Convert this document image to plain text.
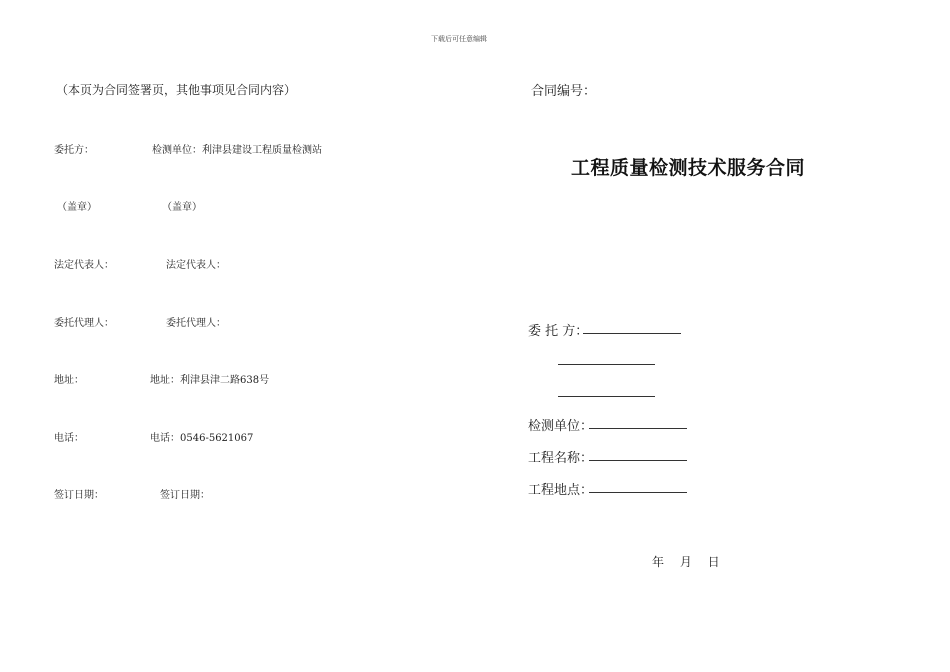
下载后可任意编辑
（本页为合同签署页，其他事项见合同内容）
委托方：	检测单位：利津县建设工程质量检测站
（盖章）	（盖章）
法定代表人：	法定代表人：
委托代理人：	委托代理人：
地址：	地址：利津县津二路638号
电话：	电话：0546-5621067
签订日期：	签订日期：
合同编号：
工程质量检测技术服务合同
委 托 方：
检测单位：
工程名称：
工程地点：
年 月 日
